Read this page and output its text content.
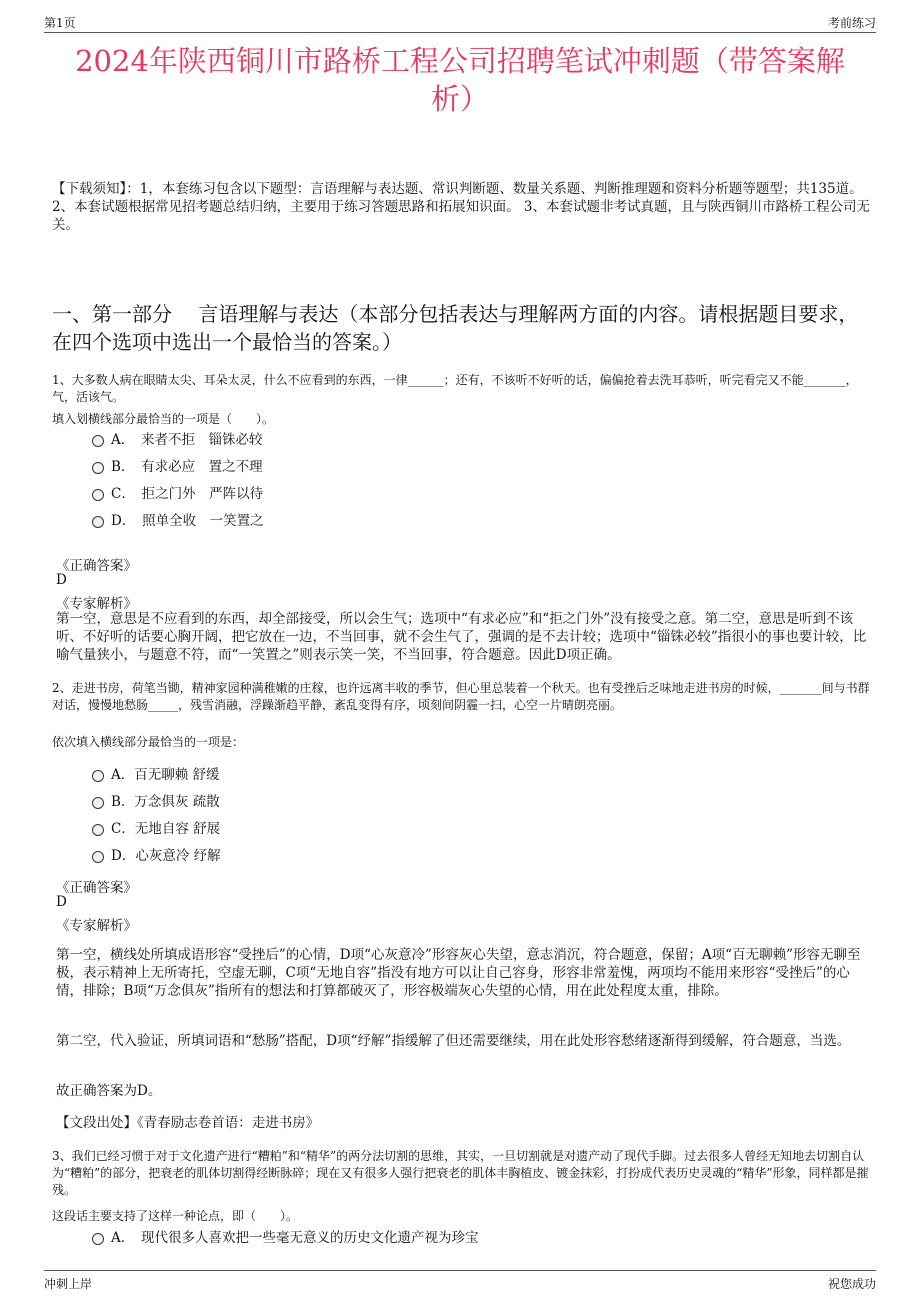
第1页	考前练习
2024年陕西铜川市路桥工程公司招聘笔试冲刺题（带答案解析）
【下载须知】：1，本套练习包含以下题型：言语理解与表达题、常识判断题、数量关系题、判断推理题和资料分析题等题型；共135道。 2、本套试题根据常见招考题总结归纳，主要用于练习答题思路和拓展知识面。 3、本套试题非考试真题，且与陕西铜川市路桥工程公司无关。
一、第一部分　 言语理解与表达（本部分包括表达与理解两方面的内容。请根据题目要求，在四个选项中选出一个最恰当的答案。）
1、大多数人病在眼睛太尖、耳朵太灵，什么不应看到的东西，一律______；还有，不该听不好听的话，偏偏抢着去洗耳恭听，听完看完又不能_______，气，活该气。
填入划横线部分最恰当的一项是（　　）。
A．　来者不拒　锱铢必较
B．　有求必应　置之不理
C．　拒之门外　严阵以待
D．　照单全收　一笑置之
《正确答案》
D
《专家解析》
第一空，意思是不应看到的东西，却全部接受，所以会生气；选项中“有求必应”和“拒之门外”没有接受之意。第二空，意思是听到不该听、不好听的话要心胸开阔，把它放在一边，不当回事，就不会生气了，强调的是不去计较；选项中“锱铢必较”指很小的事也要计较，比喻气量狭小，与题意不符，而“一笑置之”则表示笑一笑，不当回事，符合题意。因此D项正确。
2、走进书房，荷笔当锄，精神家园种满稚嫩的庄稼，也许远离丰收的季节，但心里总装着一个秋天。也有受挫后乏味地走进书房的时候，_______间与书群对话，慢慢地愁肠_____，残雪消融，浮躁渐趋平静，紊乱变得有序，顷刻间阴霾一扫，心空一片晴朗亮丽。
依次填入横线部分最恰当的一项是：
A．百无聊赖 舒缓
B．万念俱灰 疏散
C．无地自容 舒展
D．心灰意冷 纾解
《正确答案》
D
《专家解析》
第一空，横线处所填成语形容“受挫后”的心情，D项“心灰意冷”形容灰心失望，意志消沉，符合题意，保留；A项“百无聊赖”形容无聊至极，表示精神上无所寄托，空虚无聊，C项“无地自容”指没有地方可以让自己容身，形容非常羞愧，两项均不能用来形容“受挫后”的心情，排除；B项“万念俱灰”指所有的想法和打算都破灭了，形容极端灰心失望的心情，用在此处程度太重，排除。
第二空，代入验证，所填词语和“愁肠”搭配，D项“纾解”指缓解了但还需要继续，用在此处形容愁绪逐渐得到缓解，符合题意，当选。
故正确答案为D。
【文段出处】《青春励志卷首语：走进书房》
3、我们已经习惯于对于文化遗产进行“糟粕”和“精华”的两分法切割的思维，其实，一旦切割就是对遗产动了现代手脚。过去很多人曾经无知地去切割自认为“糟粕”的部分，把衰老的肌体切割得经断脉碎；现在又有很多人强行把衰老的肌体丰胸植皮、镀金抹彩，打扮成代表历史灵魂的“精华”形象，同样都是摧残。
这段话主要支持了这样一种论点，即（　　）。
A．　现代很多人喜欢把一些毫无意义的历史文化遗产视为珍宝
冲刺上岸	祝您成功
